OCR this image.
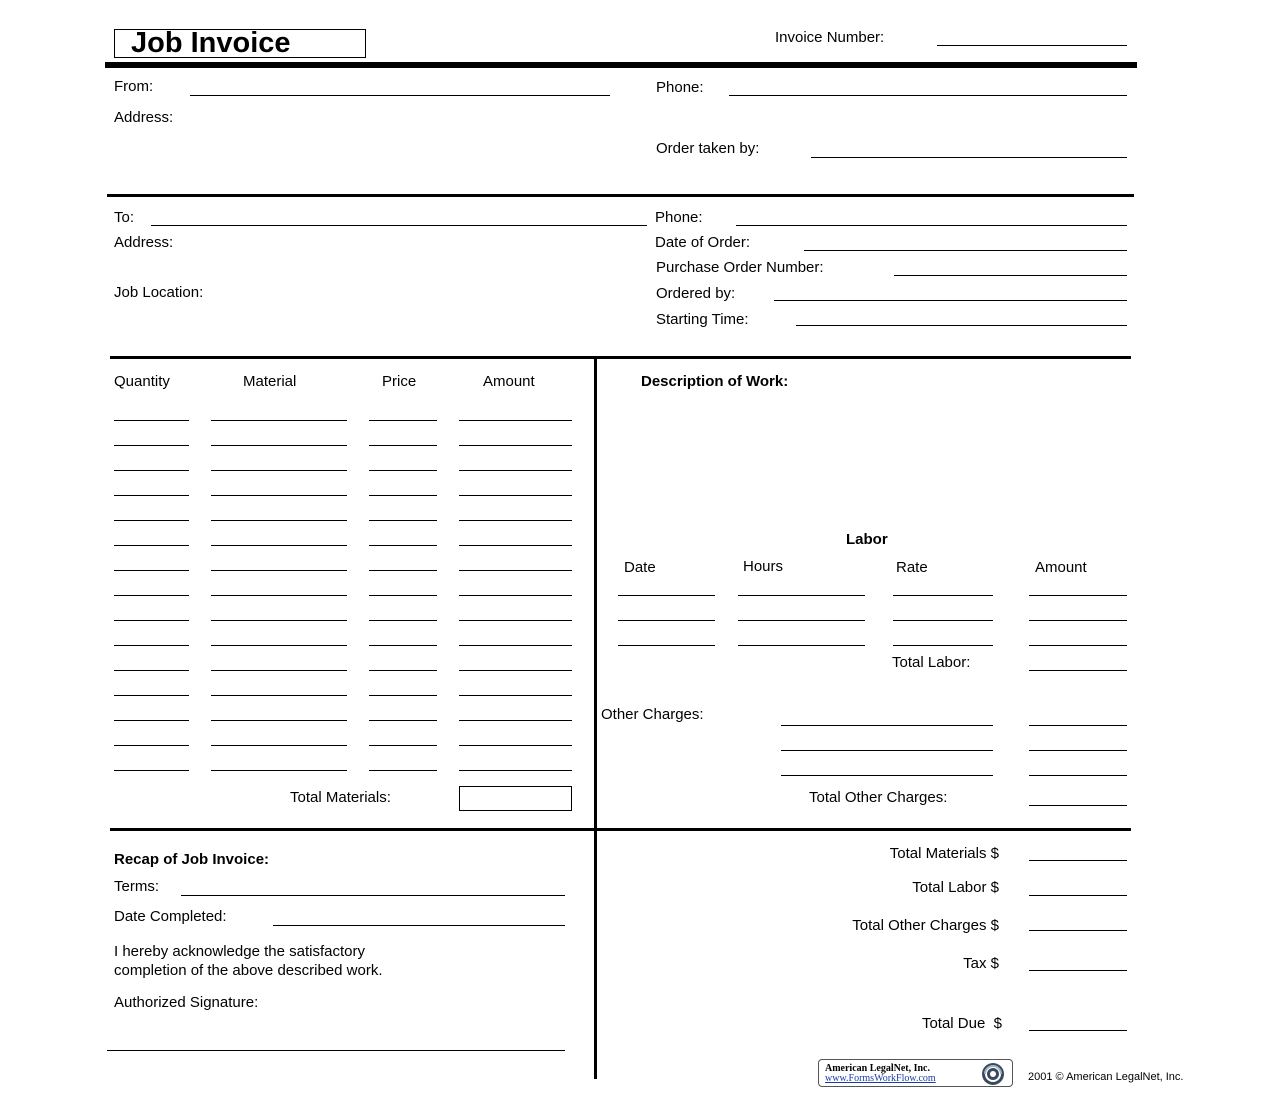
Job Invoice	Invoice Number:
From:
Address:
Phone:
Order taken by:
To:
Address:
Job Location:
Phone:
Date of Order:
Purchase Order Number:
Ordered by:
Starting Time:
Quantity	Material	Price	Amount
Total Materials:
Description of Work:
Labor
Date	Hours	Rate	Amount
Total Labor:
Other Charges:
Total Other Charges:
Recap of Job Invoice:
Terms:
Date Completed:
I hereby acknowledge the satisfactory
completion of the above described work.
Authorized Signature:
Total Materials $
Total Labor $
Total Other Charges $
Tax $
Total Due  $
American LegalNet, Inc.
www.FormsWorkFlow.com	2001 © American LegalNet, Inc.
